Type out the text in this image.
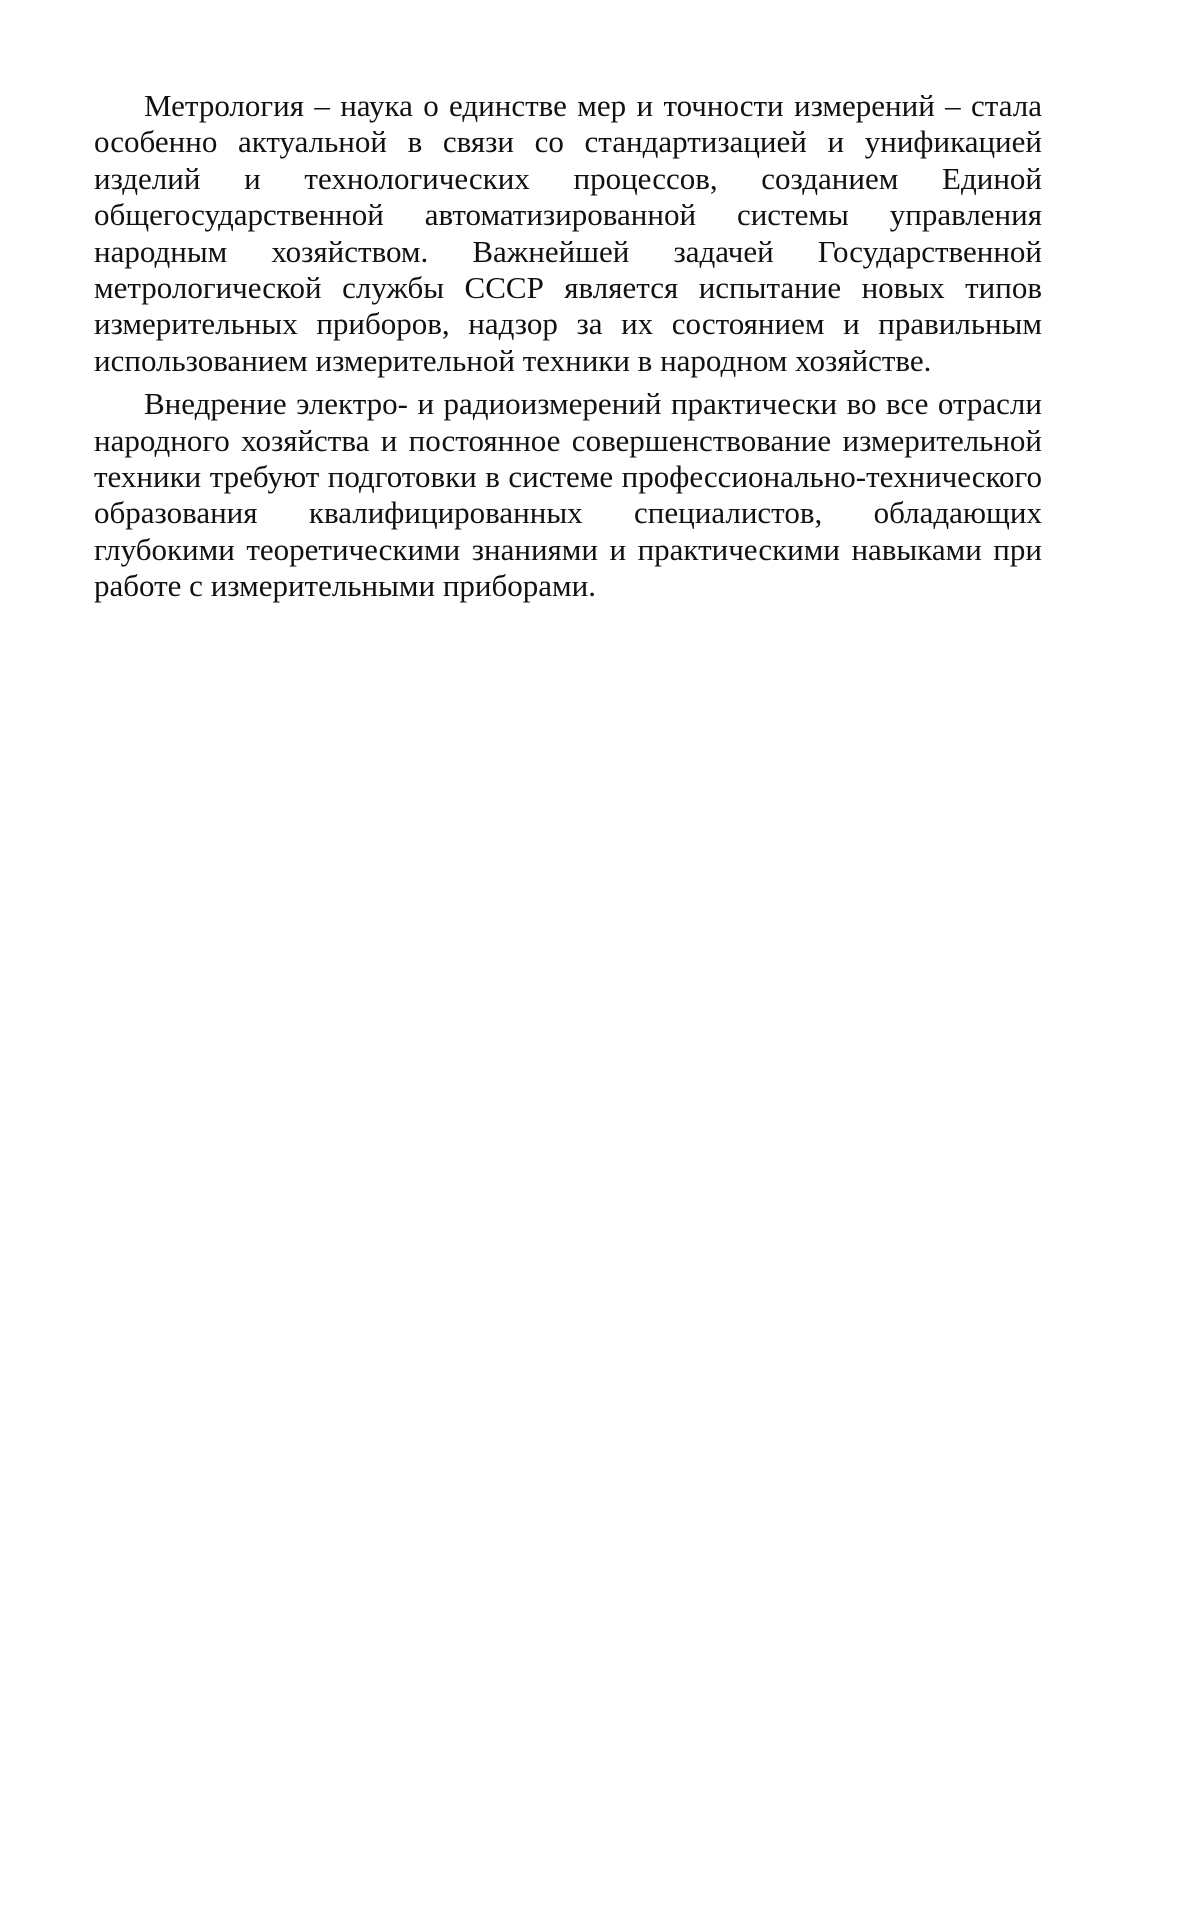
Метрология – наука о единстве мер и точности измерений – стала особенно актуальной в связи со стандартизацией и унификацией изделий и технологических процессов, созданием Единой общегосударственной автоматизированной системы управления народным хозяйством. Важнейшей задачей Государственной метрологической службы СССР является испытание новых типов измерительных приборов, надзор за их состоянием и правильным использованием измерительной техники в народном хозяйстве.

Внедрение электро- и радиоизмерений практически во все отрасли народного хозяйства и постоянное совершенствование измерительной техники требуют подготовки в системе профессионально-технического образования квалифицированных специалистов, обладающих глубокими теоретическими знаниями и практическими навыками при работе с измерительными приборами.
